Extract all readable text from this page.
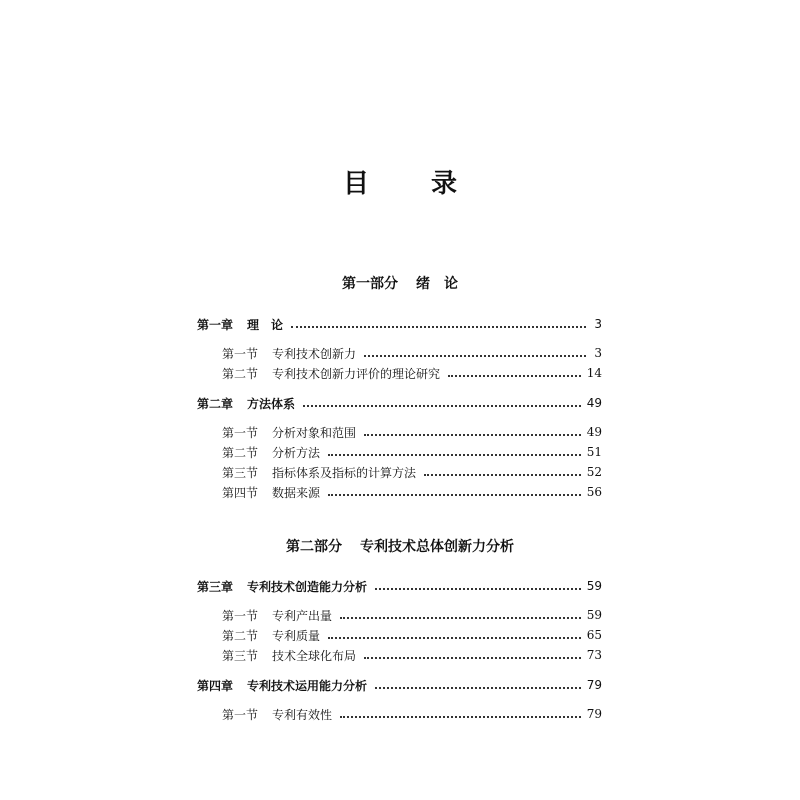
目　录
第一部分 绪　论
第一章 理　论	3
第一节 专利技术创新力	3
第二节 专利技术创新力评价的理论研究	14
第二章 方法体系	49
第一节 分析对象和范围	49
第二节 分析方法	51
第三节 指标体系及指标的计算方法	52
第四节 数据来源	56
第二部分 专利技术总体创新力分析
第三章 专利技术创造能力分析	59
第一节 专利产出量	59
第二节 专利质量	65
第三节 技术全球化布局	73
第四章 专利技术运用能力分析	79
第一节 专利有效性	79
